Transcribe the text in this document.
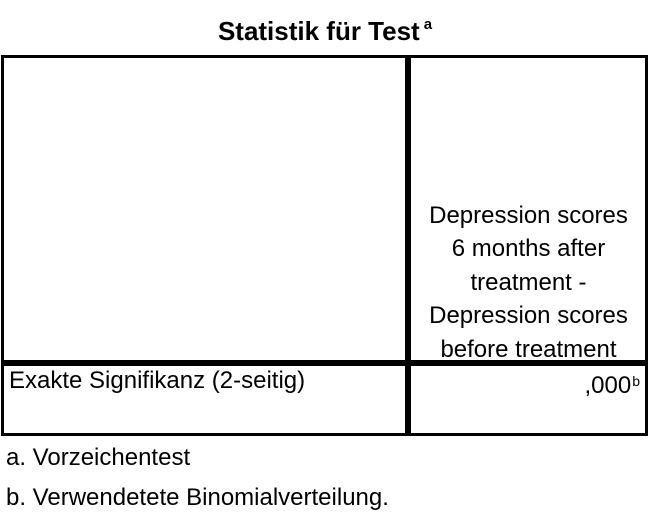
Statistik für Test $^a$
Depression scores
6 months after
treatment -
Depression scores
before treatment
Exakte Signifikanz (2-seitig)	,000$^b$
a. Vorzeichentest
b. Verwendetete Binomialverteilung.
